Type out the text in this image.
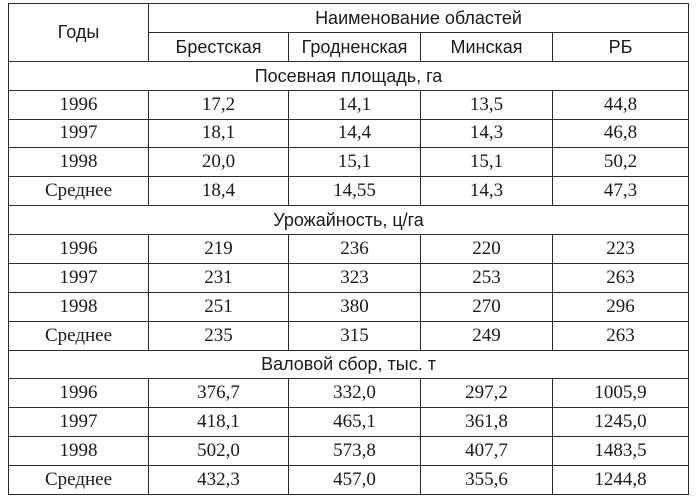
Годы	Наименование областей			
	Брестская	Гродненская	Минская	РБ
Посевная площадь, га				
1996	17,2	14,1	13,5	44,8
1997	18,1	14,4	14,3	46,8
1998	20,0	15,1	15,1	50,2
Среднее	18,4	14,55	14,3	47,3
Урожайность, ц/га				
1996	219	236	220	223
1997	231	323	253	263
1998	251	380	270	296
Среднее	235	315	249	263
Валовой сбор, тыс. т				
1996	376,7	332,0	297,2	1005,9
1997	418,1	465,1	361,8	1245,0
1998	502,0	573,8	407,7	1483,5
Среднее	432,3	457,0	355,6	1244,8
